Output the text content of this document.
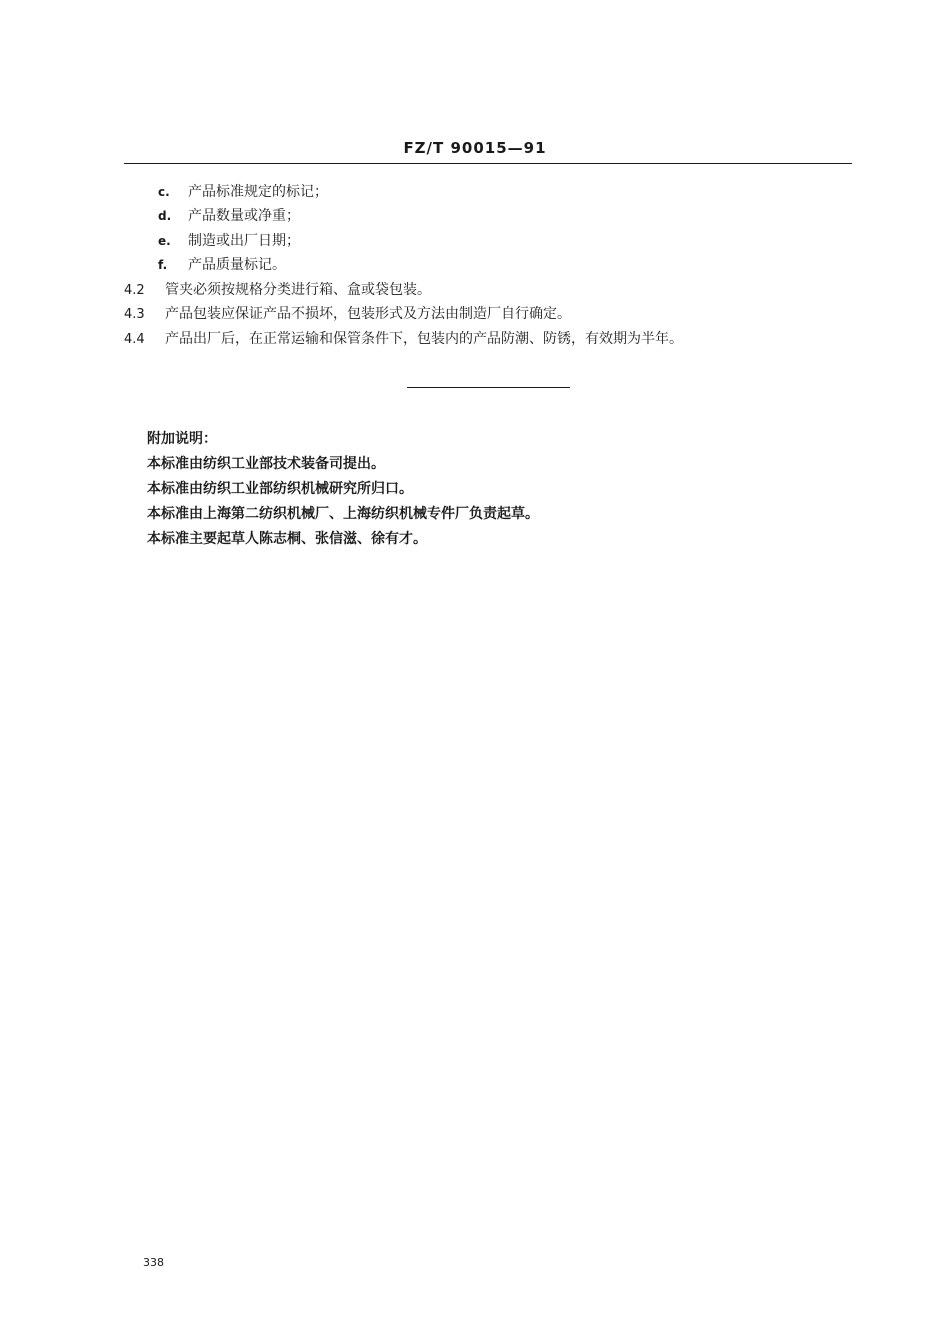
FZ/T 90015—91
c. 产品标准规定的标记；
d. 产品数量或净重；
e. 制造或出厂日期；
f. 产品质量标记。
4.2 管夹必须按规格分类进行箱、盒或袋包装。
4.3 产品包装应保证产品不损坏，包装形式及方法由制造厂自行确定。
4.4 产品出厂后，在正常运输和保管条件下，包装内的产品防潮、防锈，有效期为半年。
附加说明：
本标准由纺织工业部技术装备司提出。
本标准由纺织工业部纺织机械研究所归口。
本标准由上海第二纺织机械厂、上海纺织机械专件厂负责起草。
本标准主要起草人陈志桐、张信滋、徐有才。
338
